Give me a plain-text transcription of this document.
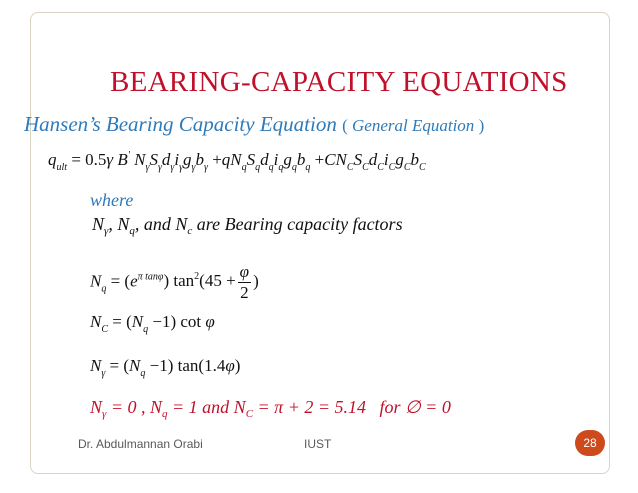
BEARING-CAPACITY EQUATIONS
Hansen’s Bearing Capacity Equation ( General Equation )
$q_{ult} = 0.5\gamma$ B' $N_\gamma S_\gamma d_\gamma i_\gamma g_\gamma b_\gamma +qN_qS_qd_qi_qg_qb_q +CN_CS_Cd_Ci_Cg_Cb_C$
where
$N_\gamma$, $N_q$, and $N_c$ are Bearing capacity factors
$N_q = (e^{\pi tan\varphi}) \tan^2(45 + \frac{\varphi}{2}$ )
$N_C = (N_q -1)$ cot φ
$N_\gamma = (N_q -1)$ tan(1.4φ)
$N_\gamma = 0$ , $N_q = 1$ and $N_C = \pi + 2 = 5.14$   for ∅ = 0
Dr. Abdulmannan Orabi	IUST	28
